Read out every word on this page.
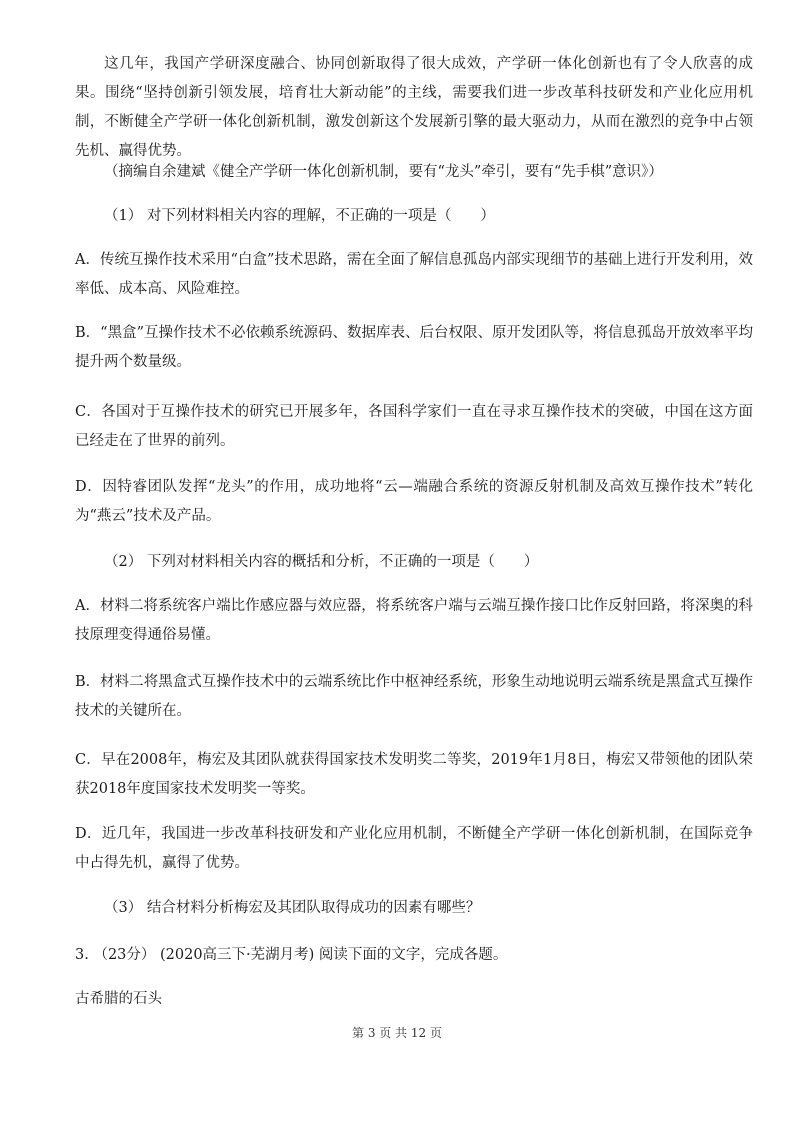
这几年，我国产学研深度融合、协同创新取得了很大成效，产学研一体化创新也有了令人欣喜的成果。围绕“坚持创新引领发展，培育壮大新动能”的主线，需要我们进一步改革科技研发和产业化应用机制，不断健全产学研一体化创新机制，激发创新这个发展新引擎的最大驱动力，从而在激烈的竞争中占领先机、赢得优势。

（摘编自余建斌《健全产学研一体化创新机制，要有“龙头”牵引，要有“先手棋”意识》）

（1） 对下列材料相关内容的理解，不正确的一项是（　　）

A．传统互操作技术采用“白盒”技术思路，需在全面了解信息孤岛内部实现细节的基础上进行开发利用，效率低、成本高、风险难控。

B．“黑盒”互操作技术不必依赖系统源码、数据库表、后台权限、原开发团队等，将信息孤岛开放效率平均提升两个数量级。

C．各国对于互操作技术的研究已开展多年，各国科学家们一直在寻求互操作技术的突破，中国在这方面已经走在了世界的前列。

D．因特睿团队发挥“龙头”的作用，成功地将“云—端融合系统的资源反射机制及高效互操作技术”转化为“燕云”技术及产品。

（2） 下列对材料相关内容的概括和分析，不正确的一项是（　　）

A．材料二将系统客户端比作感应器与效应器，将系统客户端与云端互操作接口比作反射回路，将深奥的科技原理变得通俗易懂。

B．材料二将黑盒式互操作技术中的云端系统比作中枢神经系统，形象生动地说明云端系统是黑盒式互操作技术的关键所在。

C．早在2008年，梅宏及其团队就获得国家技术发明奖二等奖，2019年1月8日，梅宏又带领他的团队荣获2018年度国家技术发明奖一等奖。

D．近几年，我国进一步改革科技研发和产业化应用机制，不断健全产学研一体化创新机制，在国际竞争中占得先机，赢得了优势。

（3） 结合材料分析梅宏及其团队取得成功的因素有哪些？

3. （23分） (2020高三下·芜湖月考) 阅读下面的文字，完成各题。

古希腊的石头

第 3 页 共 12 页
